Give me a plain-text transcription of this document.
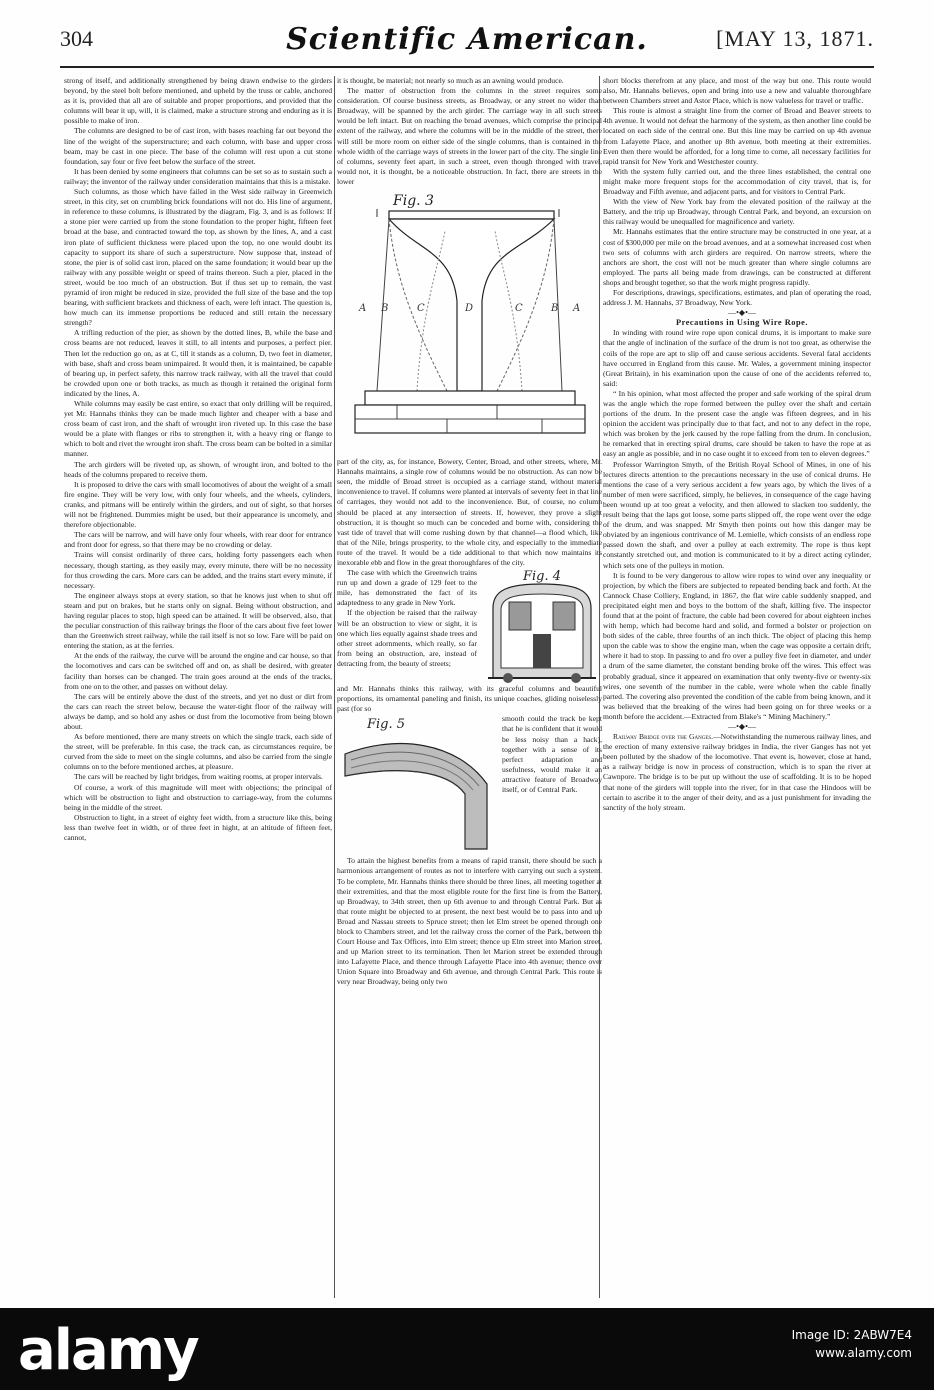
304	Scientific American.	[MAY 13, 1871.

strong of itself, and additionally strengthened by being drawn endwise to the girders beyond, by the steel bolt before mentioned, and upheld by the truss or cable, anchored as it is, provided that all are of suitable and proper proportions, and provided that the columns will bear it up, will, it is claimed, make a structure strong and enduring as it is possible to make of iron.

The columns are designed to be of cast iron, with bases reaching far out beyond the line of the weight of the superstructure; and each column, with base and upper cross beam, may be cast in one piece. The base of the column will rest upon a cut stone foundation, say four or five feet below the surface of the street.

It has been denied by some engineers that columns can be set so as to sustain such a railway; the inventor of the railway under consideration maintains that this is a mistake.

Such columns, as those which have failed in the West side railway in Greenwich street, in this city, set on crumbling brick foundations will not do. His line of argument, in reference to these columns, is illustrated by the diagram, Fig. 3, and is as follows: If a stone pier were carried up from the stone foundation to the proper hight, fifteen feet broad at the base, and contracted toward the top, as shown by the lines, A, and a cast iron plate of sufficient thickness were placed upon the top, no one would doubt its capacity to support its share of such a superstructure. Now suppose that, instead of stone, the pier is of solid cast iron, placed on the same foundation; it would bear up the railway with any possible weight or speed of trains thereon. Such a pier, placed in the street, would be too much of an obstruction. But if thus set up to remain, the vast pyramid of iron might be reduced in size, provided the full size of the base and the top bearing, with sufficient brackets and thickness of each, were left intact. The question is, how much can its immense proportions be reduced and still retain the necessary strength?

A trifling reduction of the pier, as shown by the dotted lines, B, while the base and cross beams are not reduced, leaves it still, to all intents and purposes, a perfect pier. Then let the reduction go on, as at C, till it stands as a column, D, two feet in diameter, with base, shaft and cross beam unimpaired. It would then, it is maintained, be capable of bearing up, in perfect safety, this narrow track railway, with all the travel that could be crowded upon one or both tracks, as much as though it retained the original form indicated by the lines, A.

While columns may easily be cast entire, so exact that only drilling will be required, yet Mr. Hannahs thinks they can be made much lighter and cheaper with a base and cross beam of cast iron, and the shaft of wrought iron riveted up. In this case the base would be a plate with flanges or ribs to strengthen it, with a heavy ring or flange to which to bolt and rivet the wrought iron shaft. The cross beam can be bolted in a similar manner.

The arch girders will be riveted up, as shown, of wrought iron, and bolted to the heads of the columns prepared to receive them.

It is proposed to drive the cars with small locomotives of about the weight of a small fire engine. They will be very low, with only four wheels, and the wheels, cylinders, cranks, and pitmans will be entirely within the girders, and out of sight, so that horses will not be frightened. Dummies might be used, but their appearance is uncomely, and therefore objectionable.

The cars will be narrow, and will have only four wheels, with rear door for entrance and front door for egress, so that there may be no crowding or delay.

Trains will consist ordinarily of three cars, holding forty passengers each when necessary, though starting, as they easily may, every minute, there will be no necessity for thus crowding the cars. More cars can be added, and the trains start every minute, if necessary.

The engineer always stops at every station, so that he knows just when to shut off steam and put on brakes, but he starts only on signal. Being without obstruction, and having regular places to stop, high speed can be attained. It will be observed, also, that the peculiar construction of this railway brings the floor of the cars about five feet lower than the Greenwich street railway, while the rail itself is not so low. Fare will be paid on entering the station, as at the ferries.

At the ends of the railway, the curve will be around the engine and car house, so that the locomotives and cars can be switched off and on, as shall be desired, with greater facility than horses can be changed. The train goes around at the ends of the tracks, from one on to the other, and passes on without delay.

The cars will be entirely above the dust of the streets, and yet no dust or dirt from the cars can reach the street below, because the water-tight floor of the railway will always be damp, and so hold any ashes or dust from the locomotive from being blown about.

As before mentioned, there are many streets on which the single track, each side of the street, will be preferable. In this case, the track can, as circumstances require, be curved from the side to meet on the single columns, and also be carried from the single columns on to the before mentioned arches, at pleasure.

The cars will be reached by light bridges, from waiting rooms, at proper intervals.

Of course, a work of this magnitude will meet with objections; the principal of which will be obstruction to light and obstruction to carriage-way, from the columns being in the middle of the street.

Obstruction to light, in a street of eighty feet width, from a structure like this, being less than twelve feet in width, or of three feet in hight, at an altitude of fifteen feet, cannot,

it is thought, be material; not nearly so much as an awning would produce.

The matter of obstruction from the columns in the street requires some consideration. Of course business streets, as Broadway, or any street no wider than Broadway, will be spanned by the arch girder. The carriage way in all such streets would be left intact. But on reaching the broad avenues, which comprise the principal extent of the railway, and where the columns will be in the middle of the street, there will still be more room on either side of the single columns, than is contained in the whole width of the carriage ways of streets in the lower part of the city. The single line of columns, seventy feet apart, in such a street, even though thronged with travel, would not, it is thought, be a noticeable obstruction. In fact, there are streets in the lower

Fig. 3
A B	C	D	C	B A

part of the city, as, for instance, Bowery, Center, Broad, and other streets, where, Mr. Hannahs maintains, a single row of columns would be no obstruction. As can now be seen, the middle of Broad street is occupied as a carriage stand, without material inconvenience to travel. If columns were planted at intervals of seventy feet in that line of carriages, they would not add to the inconvenience. But, of course, no column should be placed at any intersection of streets. If, however, they prove a slight obstruction, it is thought so much can be conceded and borne with, considering the vast tide of travel that will come rushing down by that channel—a flood which, like that of the Nile, brings prosperity, to the whole city, and especially to the immediate route of the travel. It would be a tide additional to that which now maintains its inexorable ebb and flow in the great thoroughfares of the city.

The case with which the Greenwich trains run up and down a grade of 129 feet to the mile, has demonstrated the fact of its adaptedness to any grade in New York.

If the objection be raised that the railway will be an obstruction to view or sight, it is one which lies equally against shade trees and other street adornments, which really, so far from being an obstruction, are, instead of detracting from, the beauty of streets;

Fig. 4

and Mr. Hannahs thinks this railway, with its graceful columns and beautiful proportions, its ornamental paneling and finish, its unique coaches, gliding noiselessly past (for so

Fig. 5	smooth could the track be kept that he is confident that it would be less noisy than a hack), together with a sense of its perfect adaptation and usefulness, would make it an attractive feature of Broadway itself, or of Central Park.

To attain the highest benefits from a means of rapid transit, there should be such a harmonious arrangement of routes as not to interfere with carrying out such a system. To be complete, Mr. Hannahs thinks there should be three lines, all meeting together at their extremities, and that the most eligible route for the first line is from the Battery, up Broadway, to 34th street, then up 6th avenue to and through Central Park. But as that route might be objected to at present, the next best would be to pass into and up Broad and Nassau streets to Spruce street; then let Elm street be opened through one block to Chambers street, and let the railway cross the corner of the Park, between the Court House and Tax Offices, into Elm street; thence up Elm street into Marion street, and up Marion street to its termination. Then let Marion street be extended through into Lafayette Place, and thence through Lafayette Place into 4th avenue; thence over Union Square into Broadway and 6th avenue, and through Central Park. This route is very near Broadway, being only two

short blocks therefrom at any place, and most of the way but one. This route would also, Mr. Hannahs believes, open and bring into use a new and valuable thoroughfare between Chambers street and Astor Place, which is now valueless for travel or traffic.

This route is almost a straight line from the corner of Broad and Beaver streets to 4th avenue. It would not defeat the harmony of the system, as then another line could be located on each side of the central one. But this line may be carried on up 4th avenue from Lafayette Place, and another up 8th avenue, both meeting at their extremities. Even then there would be afforded, for a long time to come, all necessary facilities for rapid transit for New York and Westchester county.

With the system fully carried out, and the three lines established, the central one might make more frequent stops for the accommodation of city travel, that is, for Broadway and Fifth avenue, and adjacent parts, and for visitors to Central Park.

With the view of New York bay from the elevated position of the railway at the Battery, and the trip up Broadway, through Central Park, and beyond, an excursion on this railway would be unequalled for magnificence and variety.

Mr. Hannahs estimates that the entire structure may be constructed in one year, at a cost of $300,000 per mile on the broad avenues, and at a somewhat increased cost when two sets of columns with arch girders are required. On narrow streets, where the anchors are short, the cost will not be much greater than where single columns are employed. The parts all being made from drawings, can be constructed at different shops and brought together, so that the work might progress rapidly.

For descriptions, drawings, specifications, estimates, and plan of operating the road, address J. M. Hannahs, 37 Broadway, New York.

—•◆•—

Precautions in Using Wire Rope.

In winding with round wire rope upon conical drums, it is important to make sure that the angle of inclination of the surface of the drum is not too great, as otherwise the coils of the rope are apt to slip off and cause serious accidents. Several fatal accidents have occurred in England from this cause. Mr. Wales, a government mining inspector (Great Britain), in his examination upon the cause of one of the accidents referred to, said:

“ In his opinion, what most affected the proper and safe working of the spiral drum was the angle which the rope formed between the pulley over the shaft and certain portions of the drum. In the present case the angle was fifteen degrees, and in his opinion the accident was principally due to that fact, and not to any defect in the rope, which was broken by the jerk caused by the rope falling from the drum. In conclusion, he remarked that in erecting spiral drums, care should be taken to have the rope at as easy an angle as possible, and in no case ought it to exceed from ten to eleven degrees.”

Professor Warrington Smyth, of the British Royal School of Mines, in one of his lectures directs attention to the precautions necessary in the use of conical drums. He mentions the case of a very serious accident a few years ago, by which the lives of a number of men were sacrificed, simply, he believes, in consequence of the cage having been wound up at too great a velocity, and then allowed to slacken too suddenly, the result being that the laps got loose, some parts slipped off, the rope went over the edge of the drum, and was snapped. Mr Smyth then points out how this danger may be obviated by an ingenious contrivance of M. Lemielle, which consists of an endless rope passed down the shaft, and over a pulley at each extremity. The rope is thus kept constantly stretched out, and motion is communicated to it by a direct acting cylinder, which sets one of the pulleys in motion.

It is found to be very dangerous to allow wire ropes to wind over any inequality or projection, by which the fibers are subjected to repeated bending back and forth. At the Cannock Chase Colliery, England, in 1867, the flat wire cable suddenly snapped, and precipitated eight men and boys to the bottom of the shaft, killing five. The inspector found that at the point of fracture, the cable had been covered for about eighteen inches with hemp, which had become hard and solid, and formed a bolster or projection on both sides of the cable, three fourths of an inch thick. The object of placing this hemp upon the cable was to show the engine man, when the cage was opposite a certain drift, where it had to stop. In passing to and fro over a pulley five feet in diameter, and under a drum of the same diameter, the constant bending broke off the wires. This effect was probably gradual, since it appeared on examination that only twenty-five or twenty-six wires, one seventh of the number in the cable, were whole when the cable finally parted. The covering also prevented the condition of the cable from being known, and it was believed that the breaking of the wires had been going on for three weeks or a month before the accident.—Extracted from Blake's “ Mining Machinery.”

—•◆•—

Railway Bridge over the Ganges.—Notwithstanding the numerous railway lines, and the erection of many extensive railway bridges in India, the river Ganges has not yet been polluted by the shadow of the locomotive. That event is, however, close at hand, as a railway bridge is now in process of construction, which is to span the river at Cawnpore. The bridge is to be put up without the use of scaffolding. It is to be hoped that none of the girders will topple into the river, for in that case the Hindoos will be certain to ascribe it to the anger of their deity, and as a just punishment for invading the sanctity of the holy stream.

alamy	Image ID: 2ABW7E4
www.alamy.com
